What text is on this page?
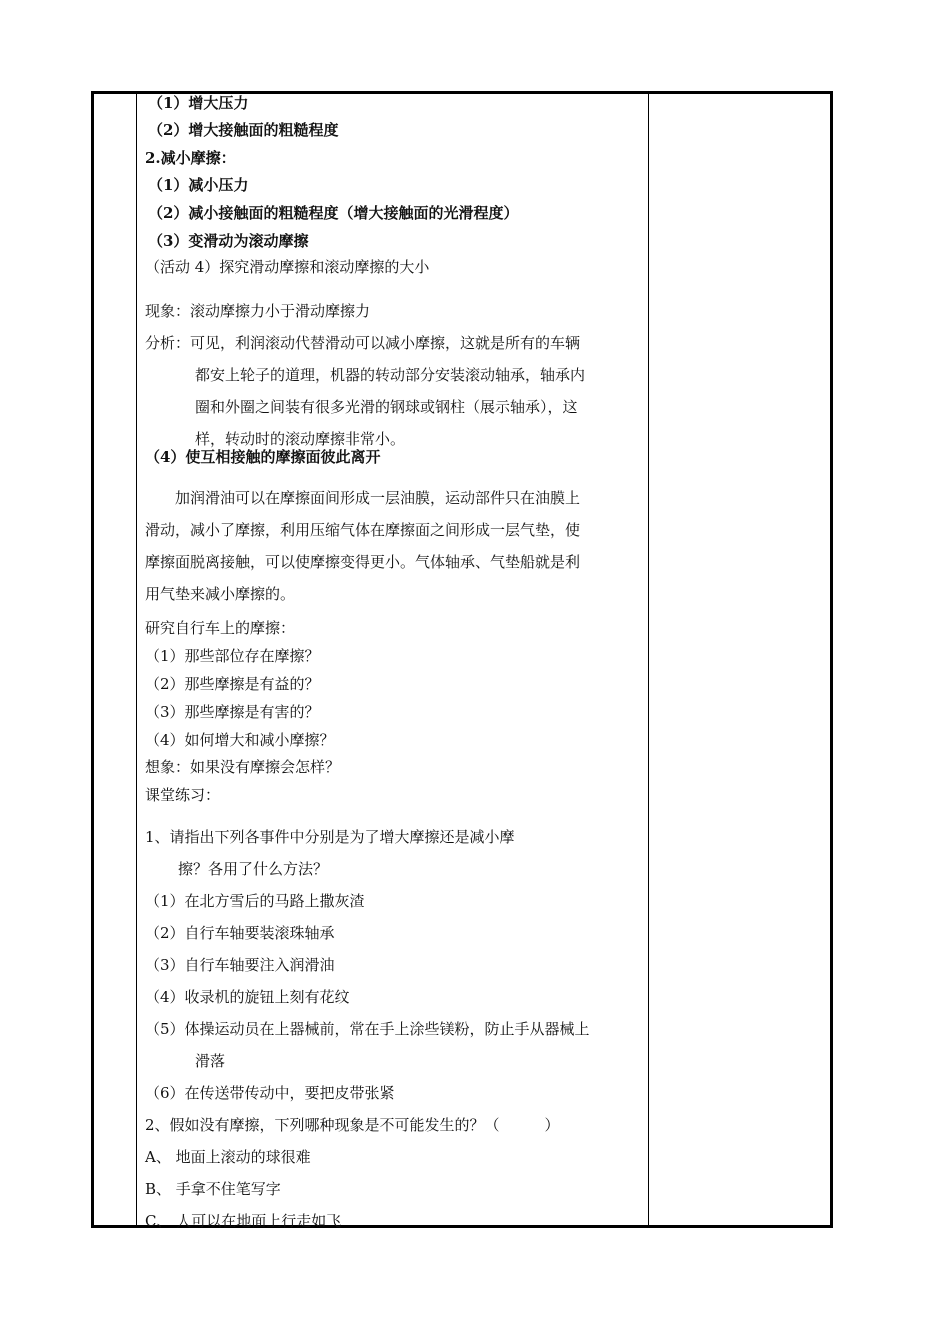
（1）增大压力
（2）增大接触面的粗糙程度
2.减小摩擦：
（1）减小压力
（2）减小接触面的粗糙程度（增大接触面的光滑程度）
（3）变滑动为滚动摩擦
（活动 4）探究滑动摩擦和滚动摩擦的大小
现象：滚动摩擦力小于滑动摩擦力
分析：可见，利润滚动代替滑动可以减小摩擦，这就是所有的车辆
都安上轮子的道理，机器的转动部分安装滚动轴承，轴承内
圈和外圈之间装有很多光滑的钢球或钢柱（展示轴承），这
样，转动时的滚动摩擦非常小。
（4）使互相接触的摩擦面彼此离开
加润滑油可以在摩擦面间形成一层油膜，运动部件只在油膜上
滑动，减小了摩擦，利用压缩气体在摩擦面之间形成一层气垫，使
摩擦面脱离接触，可以使摩擦变得更小。气体轴承、气垫船就是利
用气垫来减小摩擦的。
研究自行车上的摩擦：
（1）那些部位存在摩擦？
（2）那些摩擦是有益的？
（3）那些摩擦是有害的？
（4）如何增大和减小摩擦？
想象：如果没有摩擦会怎样？
课堂练习：
1、请指出下列各事件中分别是为了增大摩擦还是减小摩
擦？各用了什么方法？
（1）在北方雪后的马路上撒灰渣
（2）自行车轴要装滚珠轴承
（3）自行车轴要注入润滑油
（4）收录机的旋钮上刻有花纹
（5）体操运动员在上器械前，常在手上涂些镁粉，防止手从器械上
滑落
（6）在传送带传动中，要把皮带张紧
2、假如没有摩擦，下列哪种现象是不可能发生的？（　　　）
A、 地面上滚动的球很难
B、 手拿不住笔写字
C、 人可以在地面上行走如飞
